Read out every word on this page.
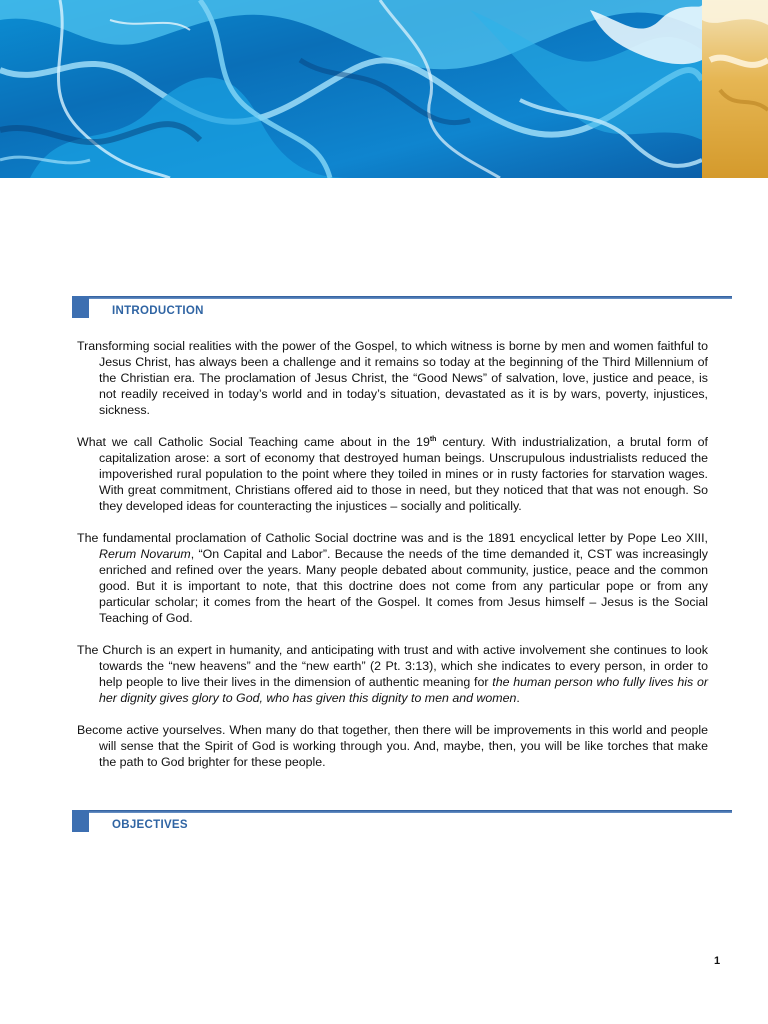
INTRODUCTION

Transforming social realities with the power of the Gospel, to which witness is borne by men and women faithful to Jesus Christ, has always been a challenge and it remains so today at the beginning of the Third Millennium of the Christian era. The proclamation of Jesus Christ, the “Good News” of salvation, love, justice and peace, is not readily received in today’s world and in today’s situation, devastated as it is by wars, poverty, injustices, sickness.

What we call Catholic Social Teaching came about in the 19th century. With industrialization, a brutal form of capitalization arose: a sort of economy that destroyed human beings. Unscrupulous industrialists reduced the impoverished rural population to the point where they toiled in mines or in rusty factories for starvation wages. With great commitment, Christians offered aid to those in need, but they noticed that that was not enough. So they developed ideas for counteracting the injustices – socially and politically.

The fundamental proclamation of Catholic Social doctrine was and is the 1891 encyclical letter by Pope Leo XIII, Rerum Novarum, “On Capital and Labor”. Because the needs of the time demanded it, CST was increasingly enriched and refined over the years. Many people debated about community, justice, peace and the common good. But it is important to note, that this doctrine does not come from any particular pope or from any particular scholar; it comes from the heart of the Gospel. It comes from Jesus himself – Jesus is the Social Teaching of God.

The Church is an expert in humanity, and anticipating with trust and with active involvement she continues to look towards the “new heavens” and the “new earth” (2 Pt. 3:13), which she indicates to every person, in order to help people to live their lives in the dimension of authentic meaning for the human person who fully lives his or her dignity gives glory to God, who has given this dignity to men and women.

Become active yourselves. When many do that together, then there will be improvements in this world and people will sense that the Spirit of God is working through you. And, maybe, then, you will be like torches that make the path to God brighter for these people.

OBJECTIVES
1
